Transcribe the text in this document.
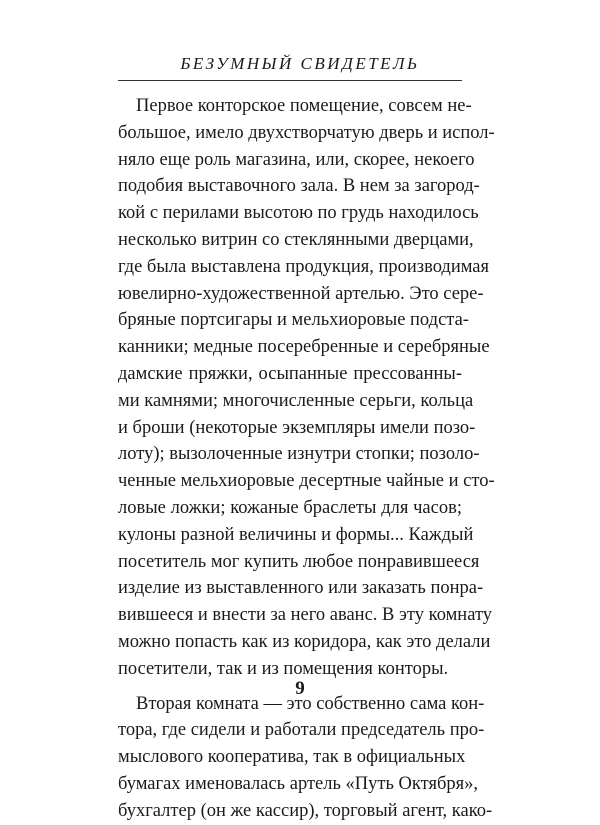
БЕЗУМНЫЙ СВИДЕТЕЛЬ
Первое конторское помещение, совсем не-
большое, имело двухстворчатую дверь и испол-
няло еще роль магазина, или, скорее, некоего
подобия выставочного зала. В нем за загород-
кой с перилами высотою по грудь находилось
несколько витрин со стеклянными дверцами,
где была выставлена продукция, производимая
ювелирно-художественной артелью. Это сере-
бряные портсигары и мельхиоровые подста-
канники; медные посеребренные и серебряные
дамские пряжки, осыпанные прессованны-
ми камнями; многочисленные серьги, кольца
и броши (некоторые экземпляры имели позо-
лоту); вызолоченные изнутри стопки; позоло-
ченные мельхиоровые десертные чайные и сто-
ловые ложки; кожаные браслеты для часов;
кулоны разной величины и формы... Каждый
посетитель мог купить любое понравившееся
изделие из выставленного или заказать понра-
вившееся и внести за него аванс. В эту комнату
можно попасть как из коридора, как это делали
посетители, так и из помещения конторы.
Вторая комната — это собственно сама кон-
тора, где сидели и работали председатель про-
мыслового кооператива, так в официальных
бумагах именовалась артель «Путь Октября»,
бухгалтер (он же кассир), торговый агент, како-
9
